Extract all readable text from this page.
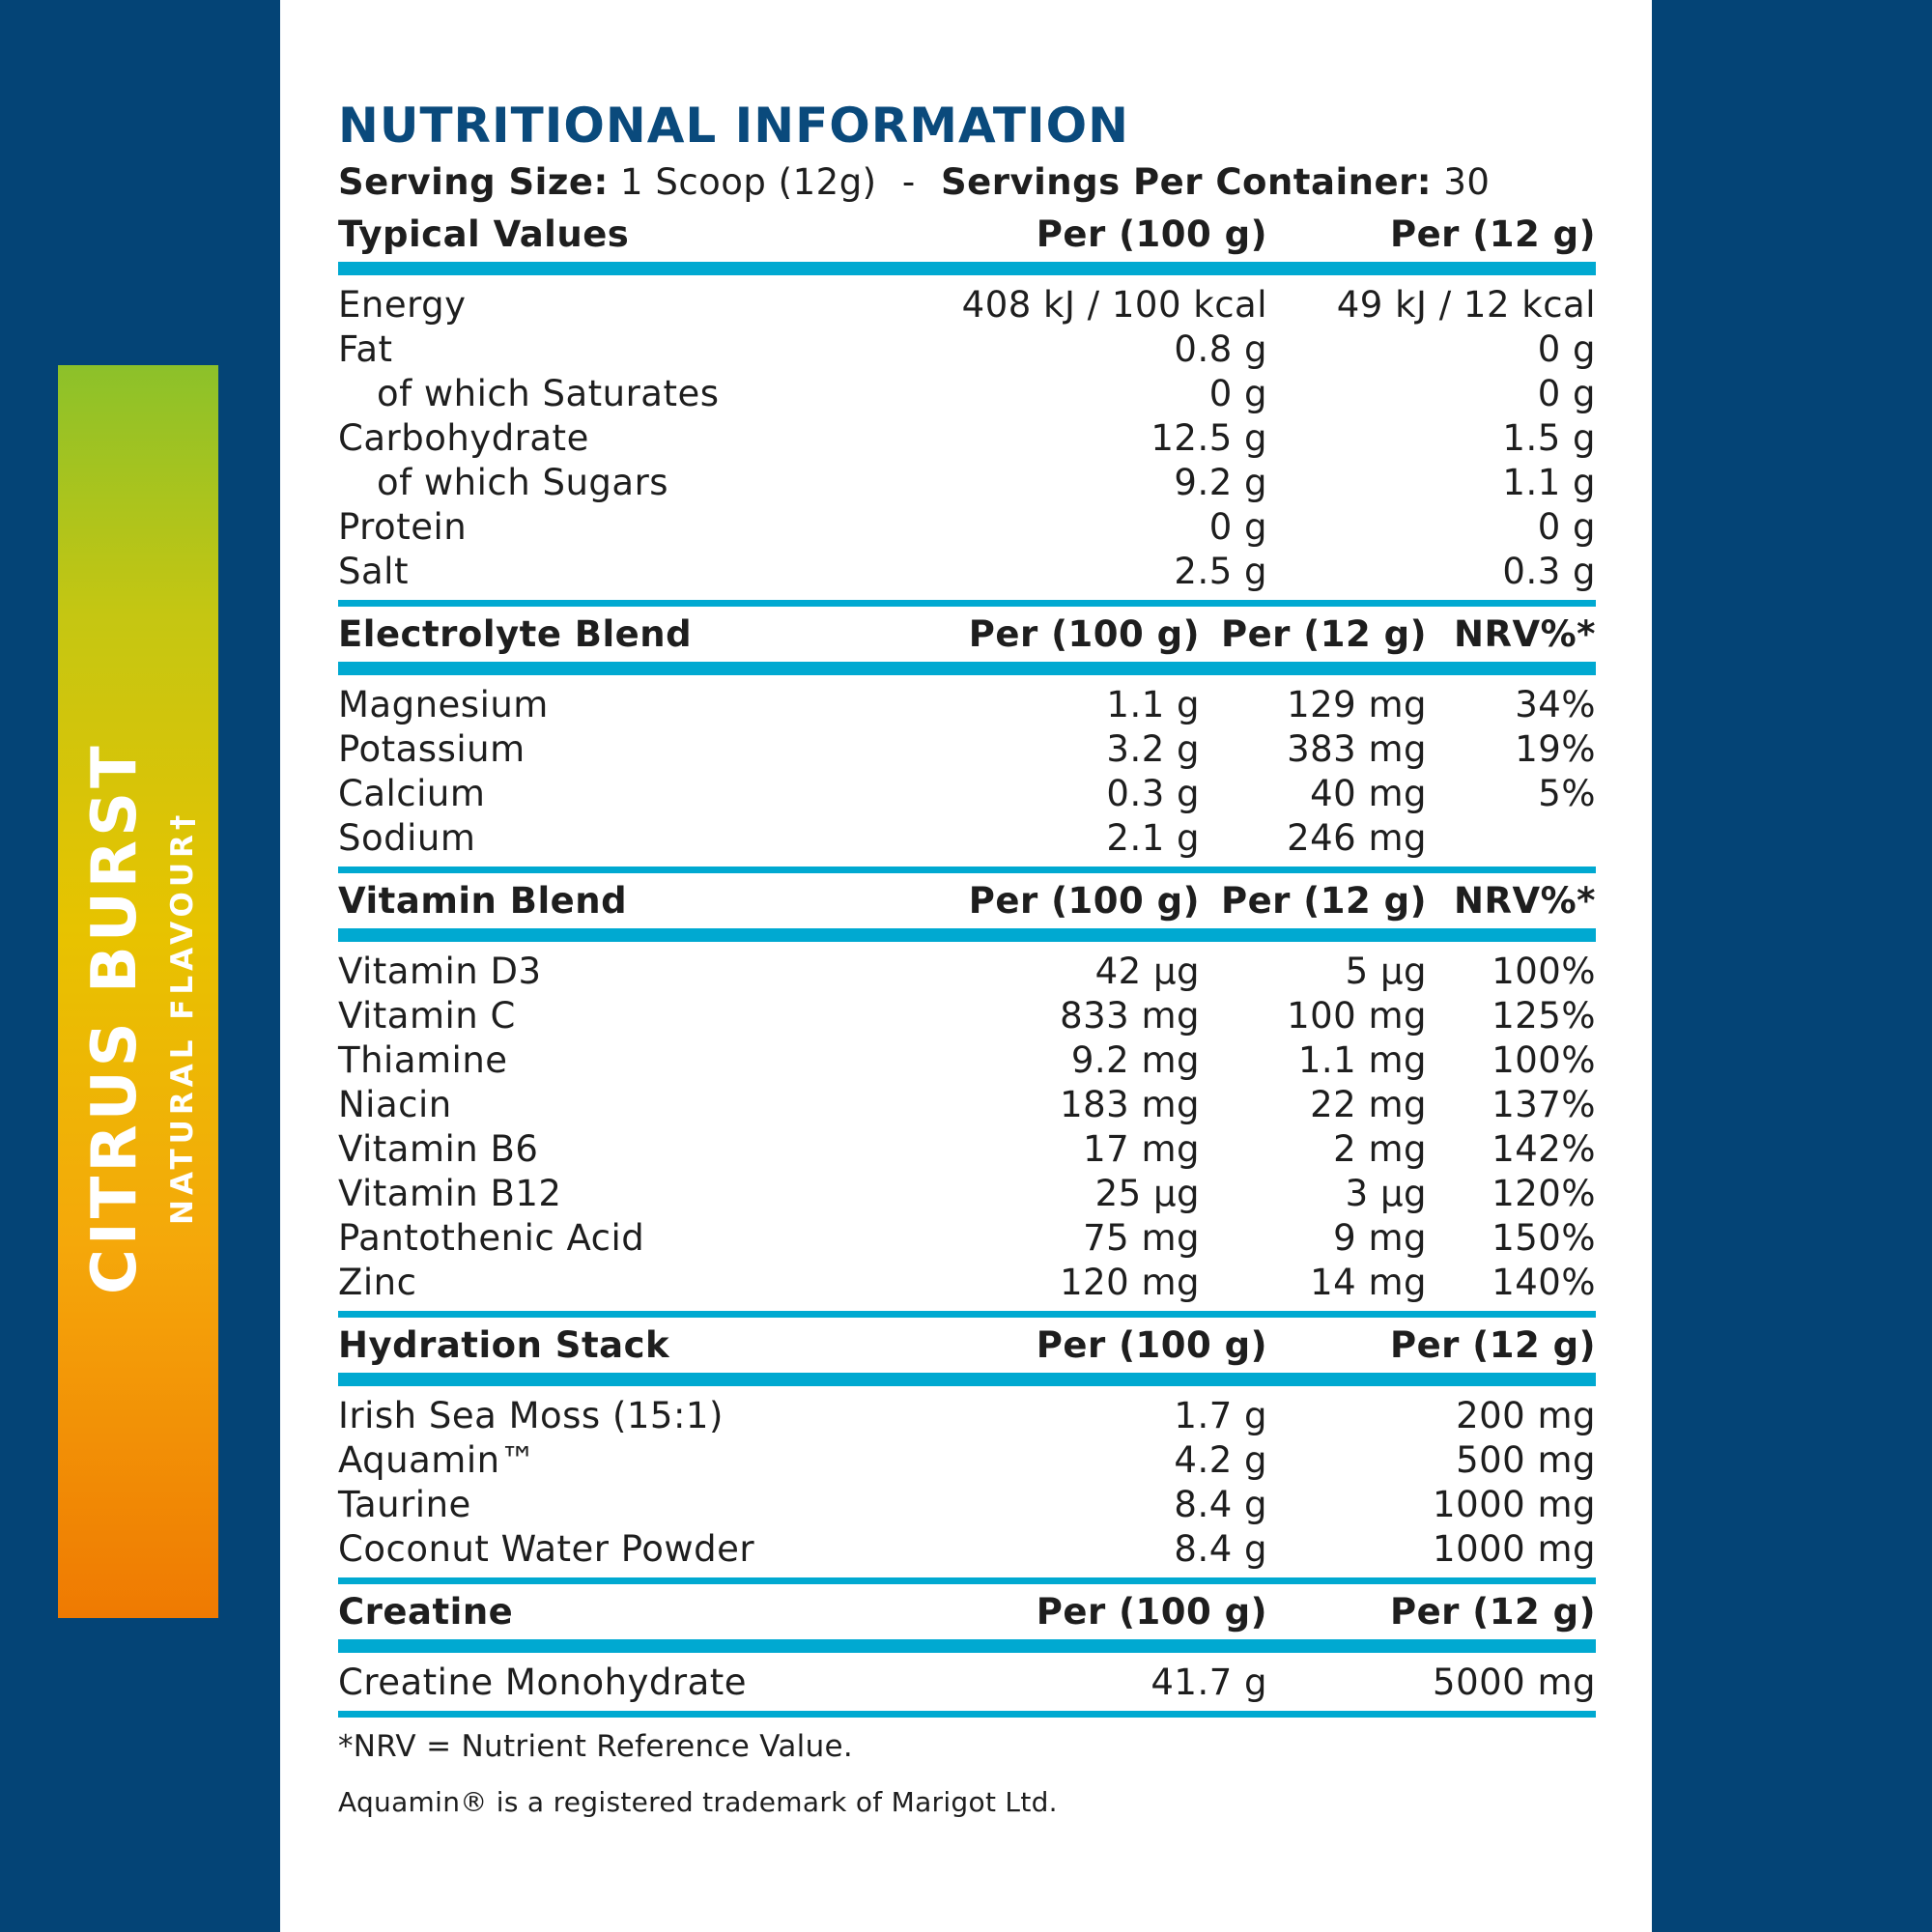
CITRUS BURST NATURAL FLAVOUR†
NUTRITIONAL INFORMATION
Serving Size: 1 Scoop (12g) - Servings Per Container: 30
Typical Values	Per (100 g)	Per (12 g)
Energy	408 kJ / 100 kcal	49 kJ / 12 kcal
Fat	0.8 g	0 g
of which Saturates	0 g	0 g
Carbohydrate	12.5 g	1.5 g
of which Sugars	9.2 g	1.1 g
Protein	0 g	0 g
Salt	2.5 g	0.3 g
Electrolyte Blend	Per (100 g) Per (12 g) NRV%*
Magnesium	1.1 g	129 mg	34%
Potassium	3.2 g	383 mg	19%
Calcium	0.3 g	40 mg	5%
Sodium	2.1 g	246 mg
Vitamin Blend	Per (100 g) Per (12 g) NRV%*
Vitamin D3	42 µg	5 µg	100%
Vitamin C	833 mg	100 mg	125%
Thiamine	9.2 mg	1.1 mg	100%
Niacin	183 mg	22 mg	137%
Vitamin B6	17 mg	2 mg	142%
Vitamin B12	25 µg	3 µg	120%
Pantothenic Acid	75 mg	9 mg	150%
Zinc	120 mg	14 mg	140%
Hydration Stack	Per (100 g)	Per (12 g)
Irish Sea Moss (15:1)	1.7 g	200 mg
Aquamin™	4.2 g	500 mg
Taurine	8.4 g	1000 mg
Coconut Water Powder	8.4 g	1000 mg
Creatine	Per (100 g)	Per (12 g)
Creatine Monohydrate	41.7 g	5000 mg
*NRV = Nutrient Reference Value.
Aquamin® is a registered trademark of Marigot Ltd.
